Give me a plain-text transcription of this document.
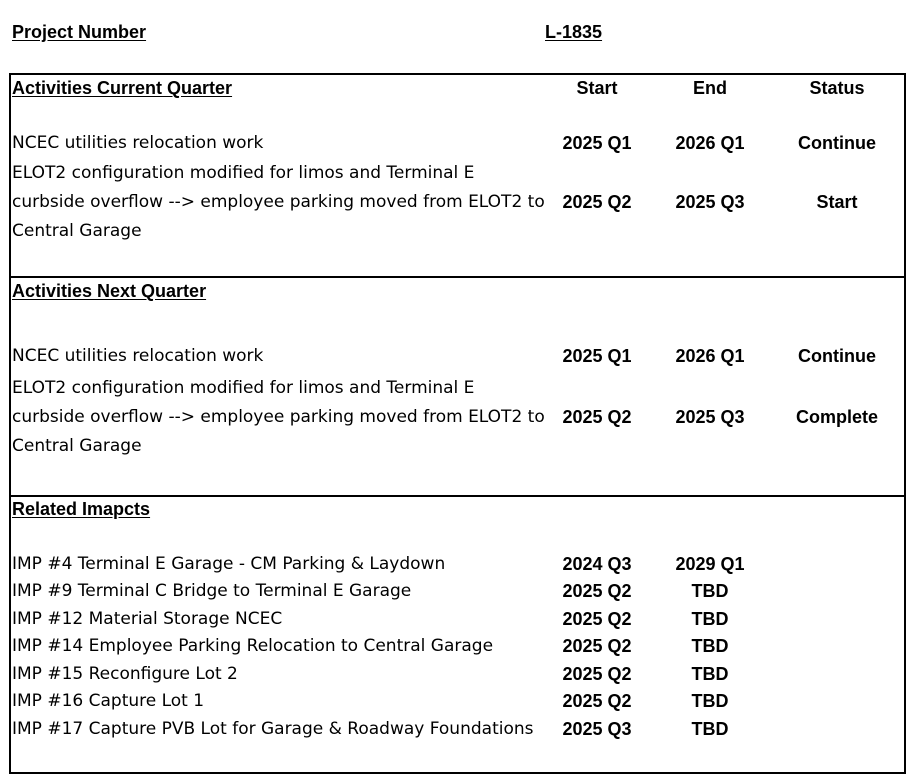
Project Number	L-1835
Activities Current Quarter	Start	End	Status
NCEC utilities relocation work	2025 Q1	2026 Q1	Continue
ELOT2 configuration modified for limos and Terminal E
curbside overflow --> employee parking moved from ELOT2 to
Central Garage
2025 Q2	2025 Q3	Start
Activities Next Quarter
NCEC utilities relocation work	2025 Q1	2026 Q1	Continue
ELOT2 configuration modified for limos and Terminal E
curbside overflow --> employee parking moved from ELOT2 to
Central Garage
2025 Q2	2025 Q3	Complete
Related Imapcts
IMP #4 Terminal E Garage - CM Parking & Laydown	2024 Q3	2029 Q1
IMP #9 Terminal C Bridge to Terminal E Garage	2025 Q2	TBD
IMP #12 Material Storage NCEC	2025 Q2	TBD
IMP #14 Employee Parking Relocation to Central Garage	2025 Q2	TBD
IMP #15 Reconfigure Lot 2	2025 Q2	TBD
IMP #16 Capture Lot 1	2025 Q2	TBD
IMP #17 Capture PVB Lot for Garage & Roadway Foundations	2025 Q3	TBD
